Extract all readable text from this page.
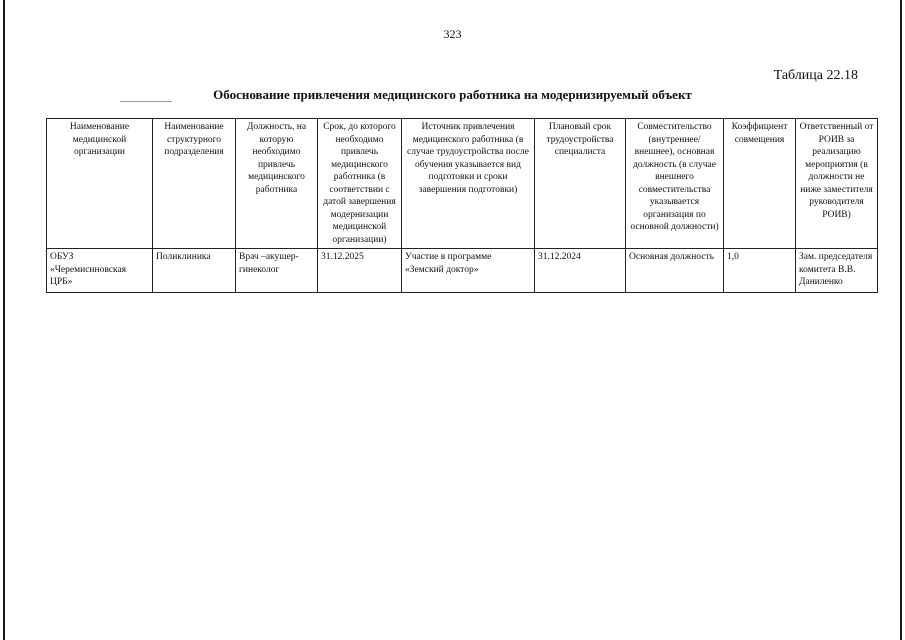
323
Таблица 22.18
Обоснование привлечения медицинского работника на модернизируемый объект
Наименование медицинской организации	Наименование структурного подразделения	Должность, на которую необходимо привлечь медицинского работника	Срок, до которого необходимо привлечь медицинского работника (в соответствии с датой завершения модернизации медицинской организации)	Источник привлечения медицинского работника (в случае трудоустройства после обучения указывается вид подготовки и сроки завершения подготовки)	Плановый срок трудоустройства специалиста	Совместительство (внутреннее/внешнее), основная должность (в случае внешнего совместительства указывается организация по основной должности)	Коэффициент совмещения	Ответственный от РОИВ за реализацию мероприятия (в должности не ниже заместителя руководителя РОИВ)
ОБУЗ «Черемисиновская ЦРБ»	Поликлиника	Врач –акушер-гинеколог	31.12.2025	Участие в программе «Земский доктор»	31.12.2024	Основная должность	1,0	Зам. председателя комитета В.В. Даниленко
